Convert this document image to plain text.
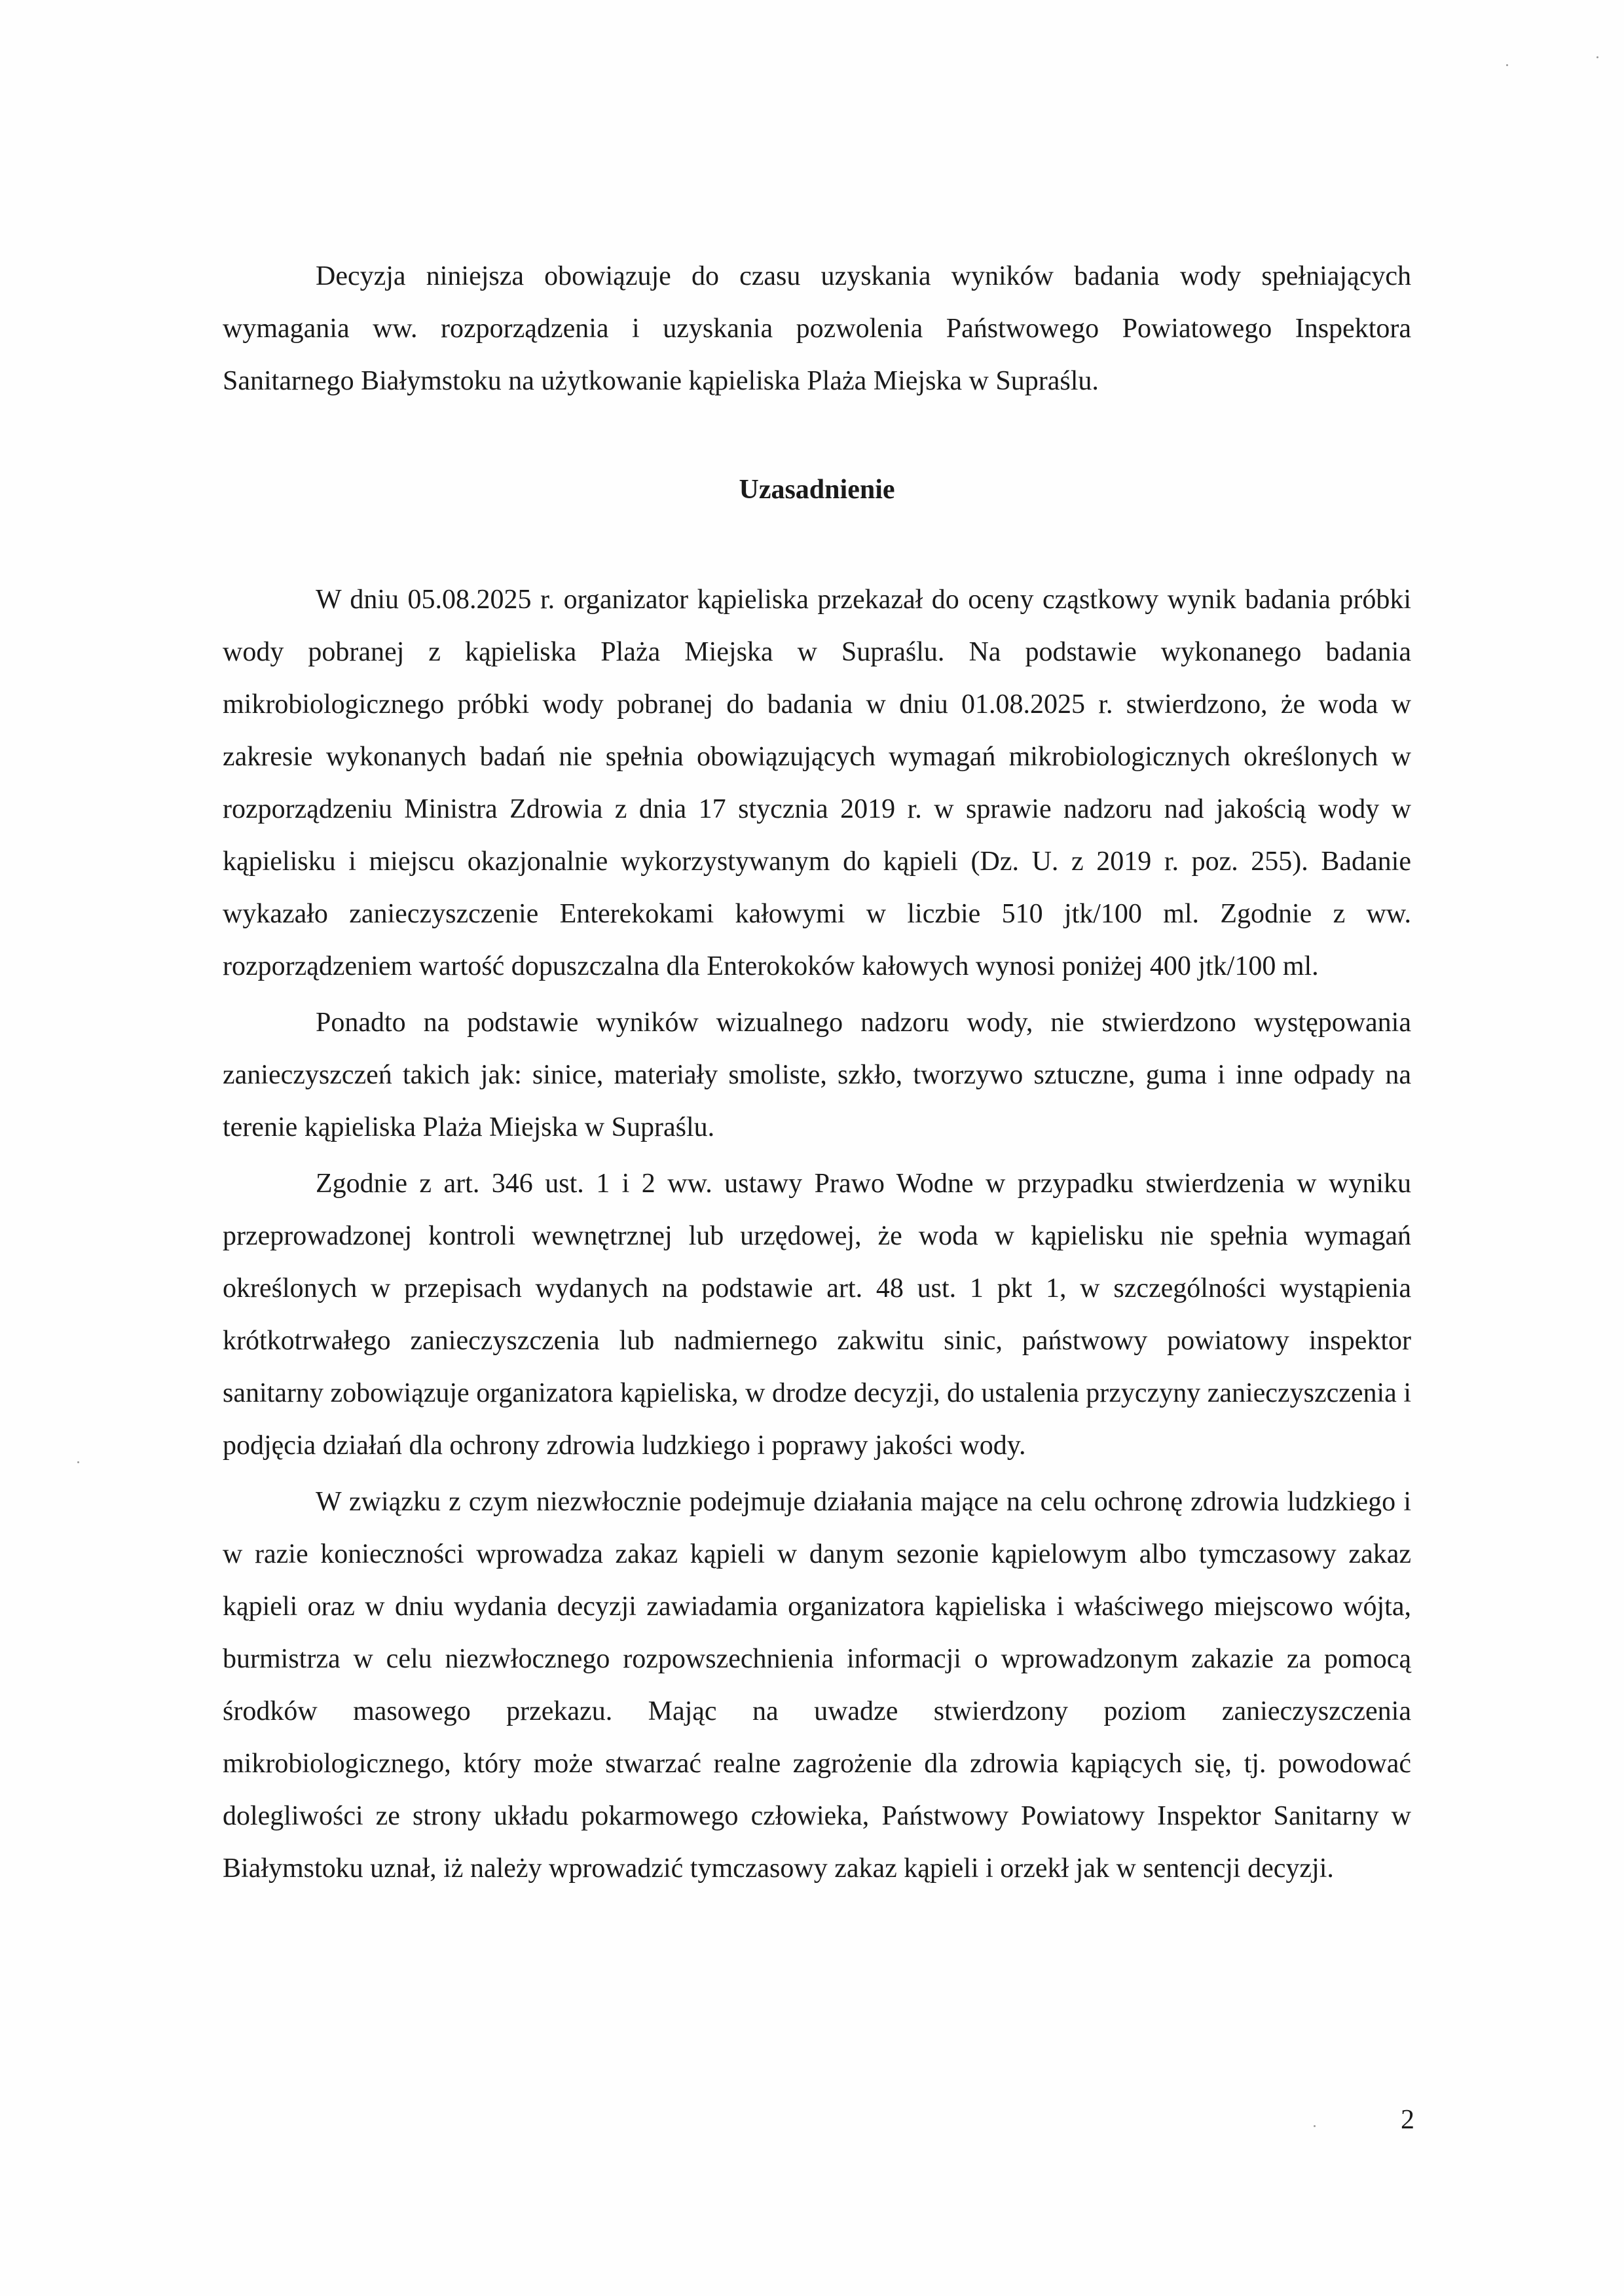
Decyzja niniejsza obowiązuje do czasu uzyskania wyników badania wody spełniających wymagania ww. rozporządzenia i uzyskania pozwolenia Państwowego Powiatowego Inspektora Sanitarnego Białymstoku na użytkowanie kąpieliska Plaża Miejska w Supraślu.

Uzasadnienie

W dniu 05.08.2025 r. organizator kąpieliska przekazał do oceny cząstkowy wynik badania próbki wody pobranej z kąpieliska Plaża Miejska w Supraślu. Na podstawie wykonanego badania mikrobiologicznego próbki wody pobranej do badania w dniu 01.08.2025 r. stwierdzono, że woda w zakresie wykonanych badań nie spełnia obowiązujących wymagań mikrobiologicznych określonych w rozporządzeniu Ministra Zdrowia z dnia 17 stycznia 2019 r. w sprawie nadzoru nad jakością wody w kąpielisku i miejscu okazjonalnie wykorzystywanym do kąpieli (Dz. U. z 2019 r. poz. 255). Badanie wykazało zanieczyszczenie Enterekokami kałowymi w liczbie 510 jtk/100 ml. Zgodnie z ww. rozporządzeniem wartość dopuszczalna dla Enterokoków kałowych wynosi poniżej 400 jtk/100 ml.

Ponadto na podstawie wyników wizualnego nadzoru wody, nie stwierdzono występowania zanieczyszczeń takich jak: sinice, materiały smoliste, szkło, tworzywo sztuczne, guma i inne odpady na terenie kąpieliska Plaża Miejska w Supraślu.

Zgodnie z art. 346 ust. 1 i 2 ww. ustawy Prawo Wodne w przypadku stwierdzenia w wyniku przeprowadzonej kontroli wewnętrznej lub urzędowej, że woda w kąpielisku nie spełnia wymagań określonych w przepisach wydanych na podstawie art. 48 ust. 1 pkt 1, w szczególności wystąpienia krótkotrwałego zanieczyszczenia lub nadmiernego zakwitu sinic, państwowy powiatowy inspektor sanitarny zobowiązuje organizatora kąpieliska, w drodze decyzji, do ustalenia przyczyny zanieczyszczenia i podjęcia działań dla ochrony zdrowia ludzkiego i poprawy jakości wody.

W związku z czym niezwłocznie podejmuje działania mające na celu ochronę zdrowia ludzkiego i w razie konieczności wprowadza zakaz kąpieli w danym sezonie kąpielowym albo tymczasowy zakaz kąpieli oraz w dniu wydania decyzji zawiadamia organizatora kąpieliska i właściwego miejscowo wójta, burmistrza w celu niezwłocznego rozpowszechnienia informacji o wprowadzonym zakazie za pomocą środków masowego przekazu. Mając na uwadze stwierdzony poziom zanieczyszczenia mikrobiologicznego, który może stwarzać realne zagrożenie dla zdrowia kąpiących się, tj. powodować dolegliwości ze strony układu pokarmowego człowieka, Państwowy Powiatowy Inspektor Sanitarny w Białymstoku uznał, iż należy wprowadzić tymczasowy zakaz kąpieli i orzekł jak w sentencji decyzji.

2
